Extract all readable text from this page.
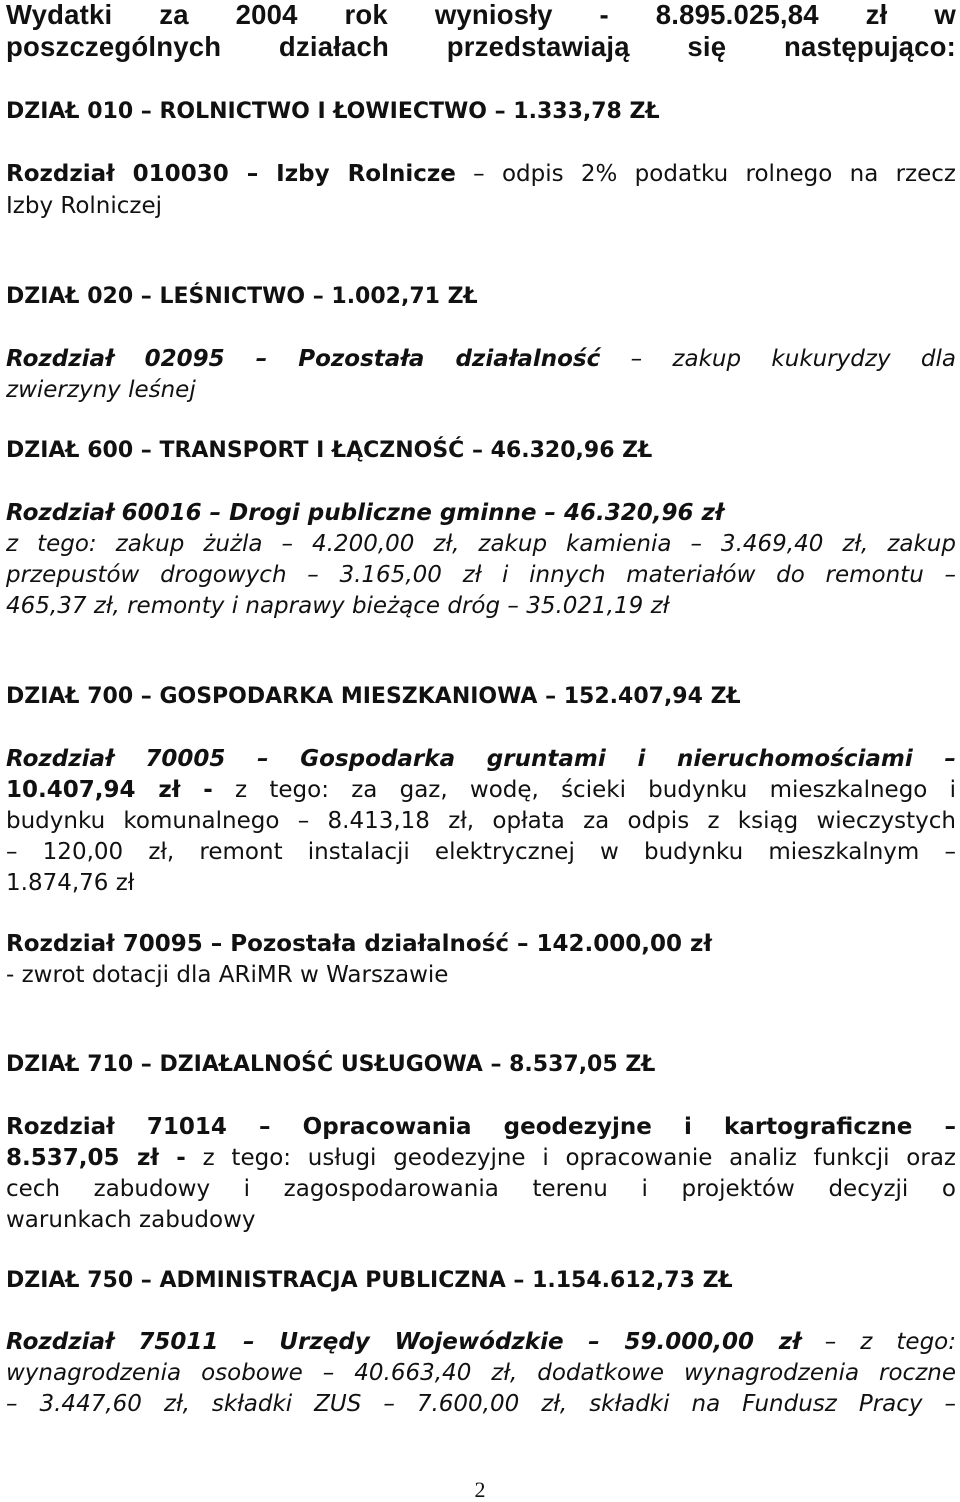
Wydatki za 2004 rok wyniosły - 8.895.025,84 zł w
poszczególnych działach przedstawiają się następująco:
DZIAŁ 010 – ROLNICTWO I ŁOWIECTWO – 1.333,78 ZŁ
Rozdział 010030 – Izby Rolnicze – odpis 2% podatku rolnego na rzecz
Izby Rolniczej
DZIAŁ 020 – LEŚNICTWO – 1.002,71 ZŁ
Rozdział 02095 – Pozostała działalność – zakup kukurydzy dla
zwierzyny leśnej
DZIAŁ 600 – TRANSPORT I ŁĄCZNOŚĆ – 46.320,96 ZŁ
Rozdział 60016 – Drogi publiczne gminne – 46.320,96 zł
z tego: zakup żużla – 4.200,00 zł, zakup kamienia – 3.469,40 zł, zakup
przepustów drogowych – 3.165,00 zł i innych materiałów do remontu –
465,37 zł, remonty i naprawy bieżące dróg – 35.021,19 zł
DZIAŁ 700 – GOSPODARKA MIESZKANIOWA – 152.407,94 ZŁ
Rozdział 70005 – Gospodarka gruntami i nieruchomościami –
10.407,94 zł - z tego: za gaz, wodę, ścieki budynku mieszkalnego i
budynku komunalnego – 8.413,18 zł, opłata za odpis z ksiąg wieczystych
– 120,00 zł, remont instalacji elektrycznej w budynku mieszkalnym –
1.874,76 zł
Rozdział 70095 – Pozostała działalność – 142.000,00 zł
- zwrot dotacji dla ARiMR w Warszawie
DZIAŁ 710 – DZIAŁALNOŚĆ USŁUGOWA – 8.537,05 ZŁ
Rozdział 71014 – Opracowania geodezyjne i kartograficzne –
8.537,05 zł - z tego: usługi geodezyjne i opracowanie analiz funkcji oraz
cech zabudowy i zagospodarowania terenu i projektów decyzji o
warunkach zabudowy
DZIAŁ 750 – ADMINISTRACJA PUBLICZNA – 1.154.612,73 ZŁ
Rozdział 75011 – Urzędy Wojewódzkie – 59.000,00 zł – z tego:
wynagrodzenia osobowe – 40.663,40 zł, dodatkowe wynagrodzenia roczne
– 3.447,60 zł, składki ZUS – 7.600,00 zł, składki na Fundusz Pracy –
2
